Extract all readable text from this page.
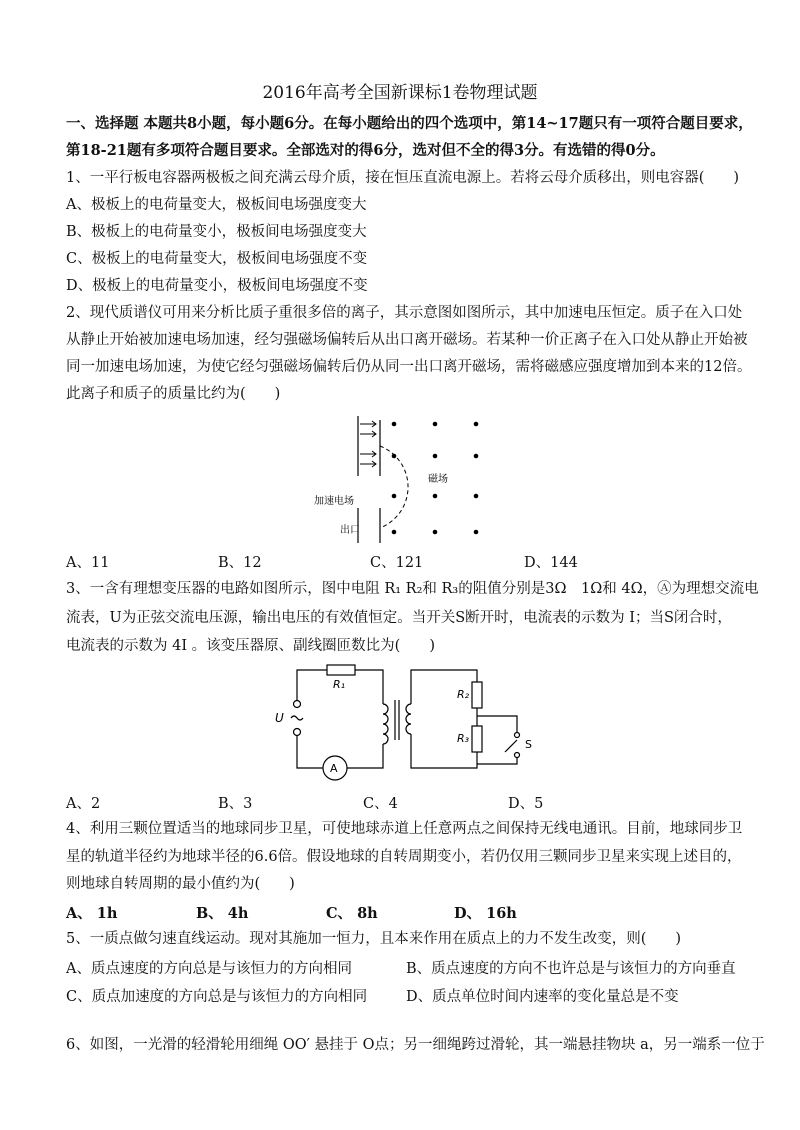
2016年高考全国新课标1卷物理试题
一、选择题 本题共8小题，每小题6分。在每小题给出的四个选项中，第14~17题只有一项符合题目要求，
第18-21题有多项符合题目要求。全部选对的得6分，选对但不全的得3分。有选错的得0分。
1、一平行板电容器两极板之间充满云母介质，接在恒压直流电源上。若将云母介质移出，则电容器(　　)
A、极板上的电荷量变大，极板间电场强度变大
B、极板上的电荷量变小，极板间电场强度变大
C、极板上的电荷量变大，极板间电场强度不变
D、极板上的电荷量变小，极板间电场强度不变
2、现代质谱仪可用来分析比质子重很多倍的离子，其示意图如图所示，其中加速电压恒定。质子在入口处
从静止开始被加速电场加速，经匀强磁场偏转后从出口离开磁场。若某种一价正离子在入口处从静止开始被
同一加速电场加速，为使它经匀强磁场偏转后仍从同一出口离开磁场，需将磁感应强度增加到本来的12倍。
此离子和质子的质量比约为(　　)
磁场
加速电场
出口
A、11	B、12	C、121	D、144
3、一含有理想变压器的电路如图所示，图中电阻 R₁ R₂和 R₃的阻值分别是3Ω　1Ω和 4Ω，Ⓐ为理想交流电
流表，U为正弦交流电压源，输出电压的有效值恒定。当开关S断开时，电流表的示数为 I；当S闭合时，
电流表的示数为 4I 。该变压器原、副线圈匝数比为(　　)
R₁
R₂
R₃
U
A
S
A、2	B、3	C、4	D、5
4、利用三颗位置适当的地球同步卫星，可使地球赤道上任意两点之间保持无线电通讯。目前，地球同步卫
星的轨道半径约为地球半径的6.6倍。假设地球的自转周期变小，若仍仅用三颗同步卫星来实现上述目的，
则地球自转周期的最小值约为(　　)
A、 1h	B、 4h	C、 8h	D、 16h
5、一质点做匀速直线运动。现对其施加一恒力，且本来作用在质点上的力不发生改变，则(　　)
A、质点速度的方向总是与该恒力的方向相同	B、质点速度的方向不也许总是与该恒力的方向垂直
C、质点加速度的方向总是与该恒力的方向相同	D、质点单位时间内速率的变化量总是不变
6、如图，一光滑的轻滑轮用细绳 OO′ 悬挂于 O点；另一细绳跨过滑轮，其一端悬挂物块 a，另一端系一位于
